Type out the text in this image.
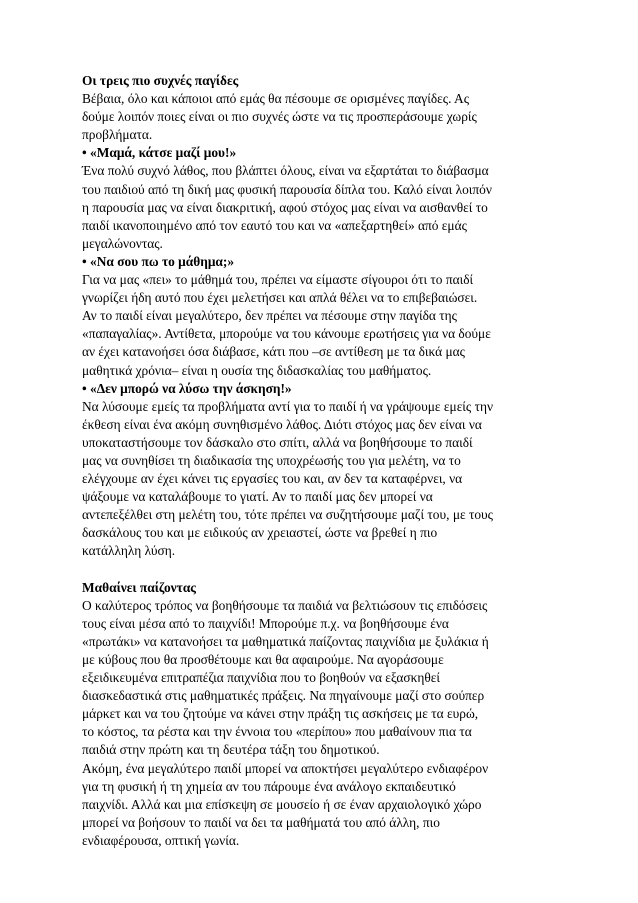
Οι τρεις πιο συχνές παγίδες
Βέβαια, όλο και κάποιοι από εμάς θα πέσουμε σε ορισμένες παγίδες. Ας
δούμε λοιπόν ποιες είναι οι πιο συχνές ώστε να τις προσπεράσουμε χωρίς
προβλήματα.
• «Μαμά, κάτσε μαζί μου!»
Ένα πολύ συχνό λάθος, που βλάπτει όλους, είναι να εξαρτάται το διάβασμα
του παιδιού από τη δική μας φυσική παρουσία δίπλα του. Καλό είναι λοιπόν
η παρουσία μας να είναι διακριτική, αφού στόχος μας είναι να αισθανθεί το
παιδί ικανοποιημένο από τον εαυτό του και να «απεξαρτηθεί» από εμάς
μεγαλώνοντας.
• «Να σου πω το μάθημα;»
Για να μας «πει» το μάθημά του, πρέπει να είμαστε σίγουροι ότι το παιδί
γνωρίζει ήδη αυτό που έχει μελετήσει και απλά θέλει να το επιβεβαιώσει.
Αν το παιδί είναι μεγαλύτερο, δεν πρέπει να πέσουμε στην παγίδα της
«παπαγαλίας». Αντίθετα, μπορούμε να του κάνουμε ερωτήσεις για να δούμε
αν έχει κατανοήσει όσα διάβασε, κάτι που –σε αντίθεση με τα δικά μας
μαθητικά χρόνια– είναι η ουσία της διδασκαλίας του μαθήματος.
• «Δεν μπορώ να λύσω την άσκηση!»
Να λύσουμε εμείς τα προβλήματα αντί για το παιδί ή να γράψουμε εμείς την
έκθεση είναι ένα ακόμη συνηθισμένο λάθος. Διότι στόχος μας δεν είναι να
υποκαταστήσουμε τον δάσκαλο στο σπίτι, αλλά να βοηθήσουμε το παιδί
μας να συνηθίσει τη διαδικασία της υποχρέωσής του για μελέτη, να το
ελέγχουμε αν έχει κάνει τις εργασίες του και, αν δεν τα καταφέρνει, να
ψάξουμε να καταλάβουμε το γιατί. Αν το παιδί μας δεν μπορεί να
αντεπεξέλθει στη μελέτη του, τότε πρέπει να συζητήσουμε μαζί του, με τους
δασκάλους του και με ειδικούς αν χρειαστεί, ώστε να βρεθεί η πιο
κατάλληλη λύση.
Μαθαίνει παίζοντας
Ο καλύτερος τρόπος να βοηθήσουμε τα παιδιά να βελτιώσουν τις επιδόσεις
τους είναι μέσα από το παιχνίδι! Μπορούμε π.χ. να βοηθήσουμε ένα
«πρωτάκι» να κατανοήσει τα μαθηματικά παίζοντας παιχνίδια με ξυλάκια ή
με κύβους που θα προσθέτουμε και θα αφαιρούμε. Να αγοράσουμε
εξειδικευμένα επιτραπέζια παιχνίδια που το βοηθούν να εξασκηθεί
διασκεδαστικά στις μαθηματικές πράξεις. Να πηγαίνουμε μαζί στο σούπερ
μάρκετ και να του ζητούμε να κάνει στην πράξη τις ασκήσεις με τα ευρώ,
το κόστος, τα ρέστα και την έννοια του «περίπου» που μαθαίνουν πια τα
παιδιά στην πρώτη και τη δευτέρα τάξη του δημοτικού.
Ακόμη, ένα μεγαλύτερο παιδί μπορεί να αποκτήσει μεγαλύτερο ενδιαφέρον
για τη φυσική ή τη χημεία αν του πάρουμε ένα ανάλογο εκπαιδευτικό
παιχνίδι. Αλλά και μια επίσκεψη σε μουσείο ή σε έναν αρχαιολογικό χώρο
μπορεί να βοήσουν το παιδί να δει τα μαθήματά του από άλλη, πιο
ενδιαφέρουσα, οπτική γωνία.
